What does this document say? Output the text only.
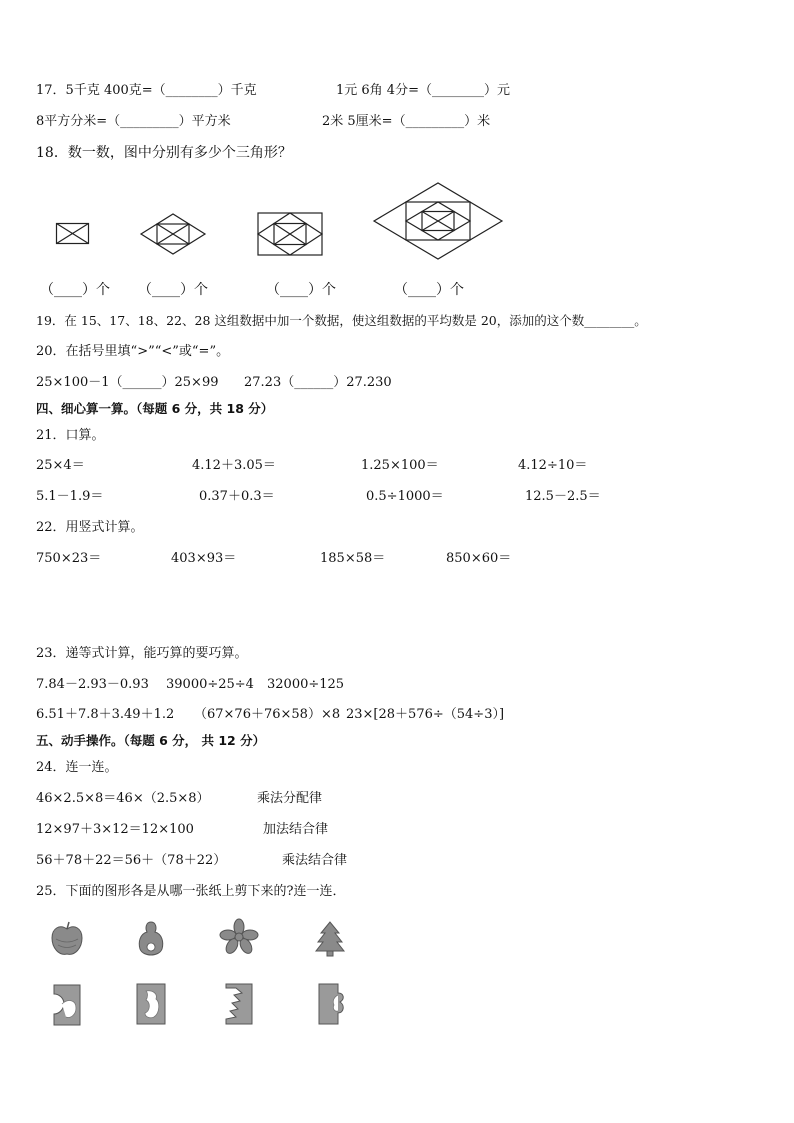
17．5千克 400克=（________）千克	1元 6角 4分=（________）元
8平方分米=（_________）平方米	2米 5厘米=（_________）米
18．数一数，图中分别有多少个三角形？
（____）个 （____）个	（____）个	（____）个
19．在 15、17、18、22、28 这组数据中加一个数据，使这组数据的平均数是 20，添加的这个数________。
20．在括号里填“>”“<”或“=”。
25×100－1（______）25×99 27.23（______）27.230
四、细心算一算。（每题 6 分，共 18 分）
21．口算。
25×4＝	4.12＋3.05＝	1.25×100＝	4.12÷10＝
5.1－1.9＝	0.37＋0.3＝	0.5÷1000＝	12.5－2.5＝
22．用竖式计算。
750×23＝	403×93＝	185×58＝	850×60＝
23．递等式计算，能巧算的要巧算。
7.84－2.93－0.93 39000÷25÷4 32000÷125
6.51＋7.8＋3.49＋1.2 （67×76＋76×58）×8 23×[28＋576÷（54÷3）]
五、动手操作。（每题 6 分， 共 12 分）
24．连一连。
46×2.5×8＝46×（2.5×8）	乘法分配律
12×97＋3×12＝12×100	加法结合律
56＋78＋22＝56＋（78＋22）	乘法结合律
25．下面的图形各是从哪一张纸上剪下来的?连一连．
